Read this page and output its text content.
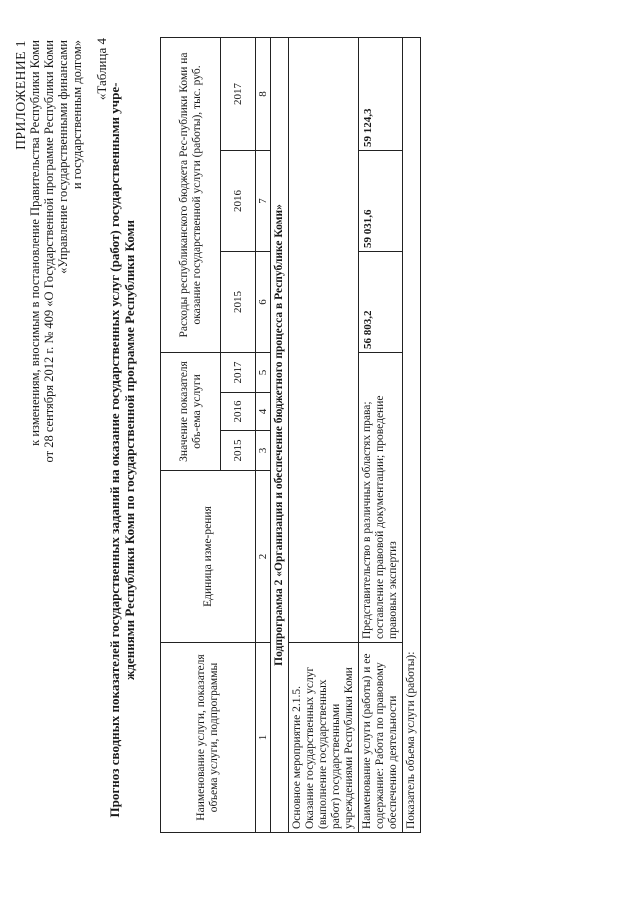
ПРИЛОЖЕНИЕ 1 к изменениям, вносимым в постановление Правительства Республики Коми от 28 сентября 2012 г. № 409 «О Государственной программе Республики Коми «Управление государственными финансами и государственным долгом» «Таблица 4
Прогноз сводных показателей государственных заданий на оказание государственных услуг (работ) государственными учре- ждениями Республики Коми по государственной программе Республики Коми
Наименование услуги, показателя объема услуги, подпрограммы	Единица изме-рения	Значение показателя объ-ема услуги			Расходы республиканского бюджета Рес-публики Коми на оказание государственной услуги (работы), тыс. руб.		
		2015	2016	2017	2015	2016	2017
1	2	3	4	5	6	7	8
Подпрограмма 2 «Организация и обеспечение бюджетного процесса в Республике Коми»							
Основное мероприятие 2.1.5. Оказание государственных услуг (выполнение государственных работ) государственными учреждениями Республики Коми							
Наименование услуги (работы) и ее содержание: Работа по правовому обеспечению деятельности	Представительство в различных областях права; составление правовой документации; проведение правовых экспертиз				56 803,2	59 031,6	59 124,3
Показатель объема услуги (работы):							
